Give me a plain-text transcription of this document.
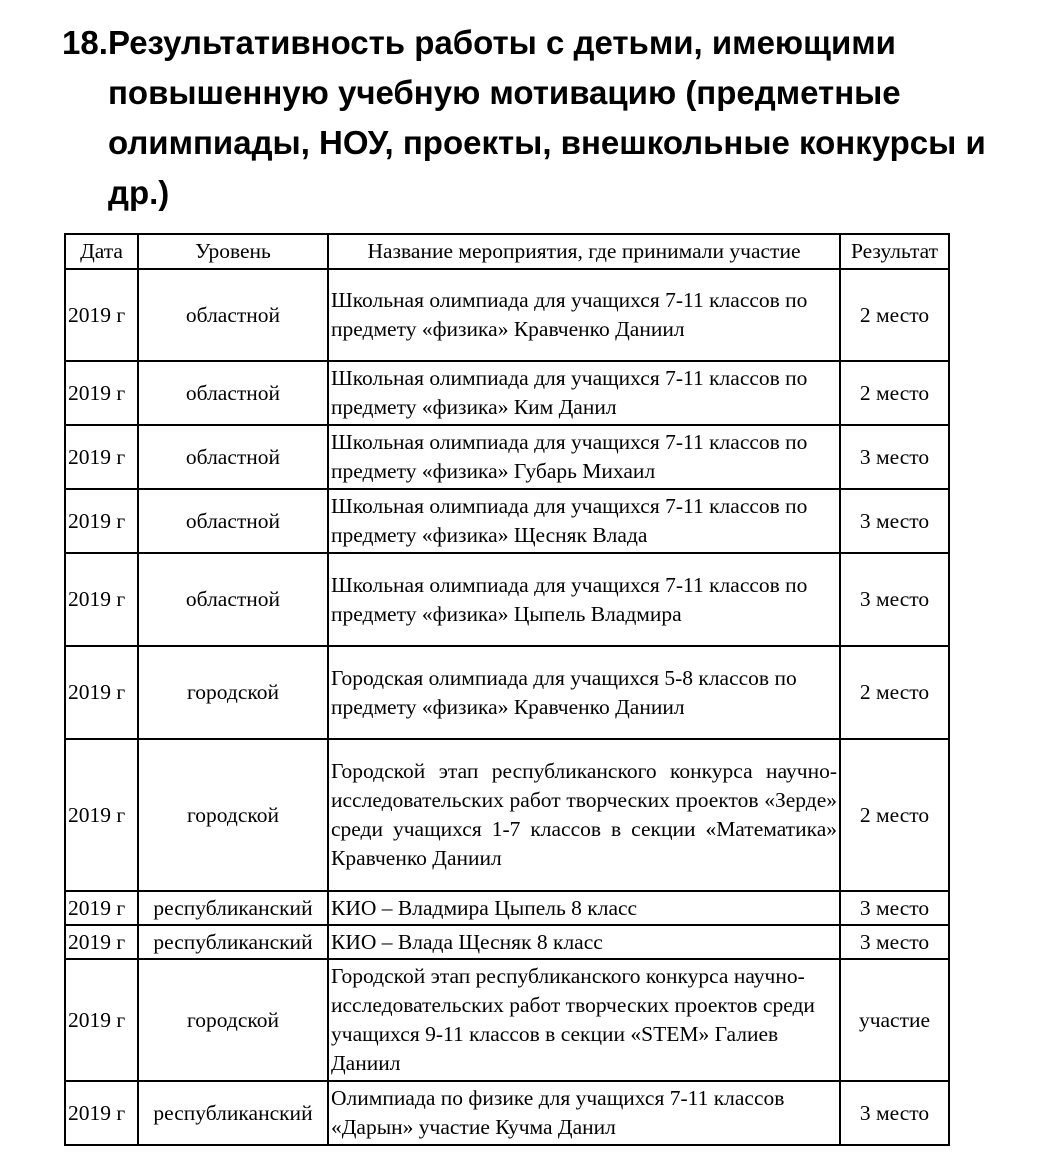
18. Результативность работы с детьми, имеющими повышенную учебную мотивацию (предметные олимпиады, НОУ, проекты, внешкольные конкурсы и др.)
Дата	Уровень	Название мероприятия, где принимали участие	Результат
2019 г	областной	Школьная олимпиада для учащихся 7-11 классов по предмету «физика» Кравченко Даниил	2 место
2019 г	областной	Школьная олимпиада для учащихся 7-11 классов по предмету «физика» Ким Данил	2 место
2019 г	областной	Школьная олимпиада для учащихся 7-11 классов по предмету «физика» Губарь Михаил	3 место
2019 г	областной	Школьная олимпиада для учащихся 7-11 классов по предмету «физика» Щесняк Влада	3 место
2019 г	областной	Школьная олимпиада для учащихся 7-11 классов по предмету «физика» Цыпель Владмира	3 место
2019 г	городской	Городская олимпиада для учащихся 5-8 классов по предмету «физика» Кравченко Даниил	2 место
2019 г	городской	Городской этап республиканского конкурса научно-исследовательских работ творческих проектов «Зерде» среди учащихся 1-7 классов в секции «Математика» Кравченко Даниил	2 место
2019 г	республиканский	КИО – Владмира Цыпель 8 класс	3 место
2019 г	республиканский	КИО – Влада Щесняк 8 класс	3 место
2019 г	городской	Городской этап республиканского конкурса научно-исследовательских работ творческих проектов среди учащихся 9-11 классов в секции «STEM» Галиев Даниил	участие
2019 г	республиканский	Олимпиада по физике для учащихся 7-11 классов «Дарын» участие Кучма Данил	3 место
